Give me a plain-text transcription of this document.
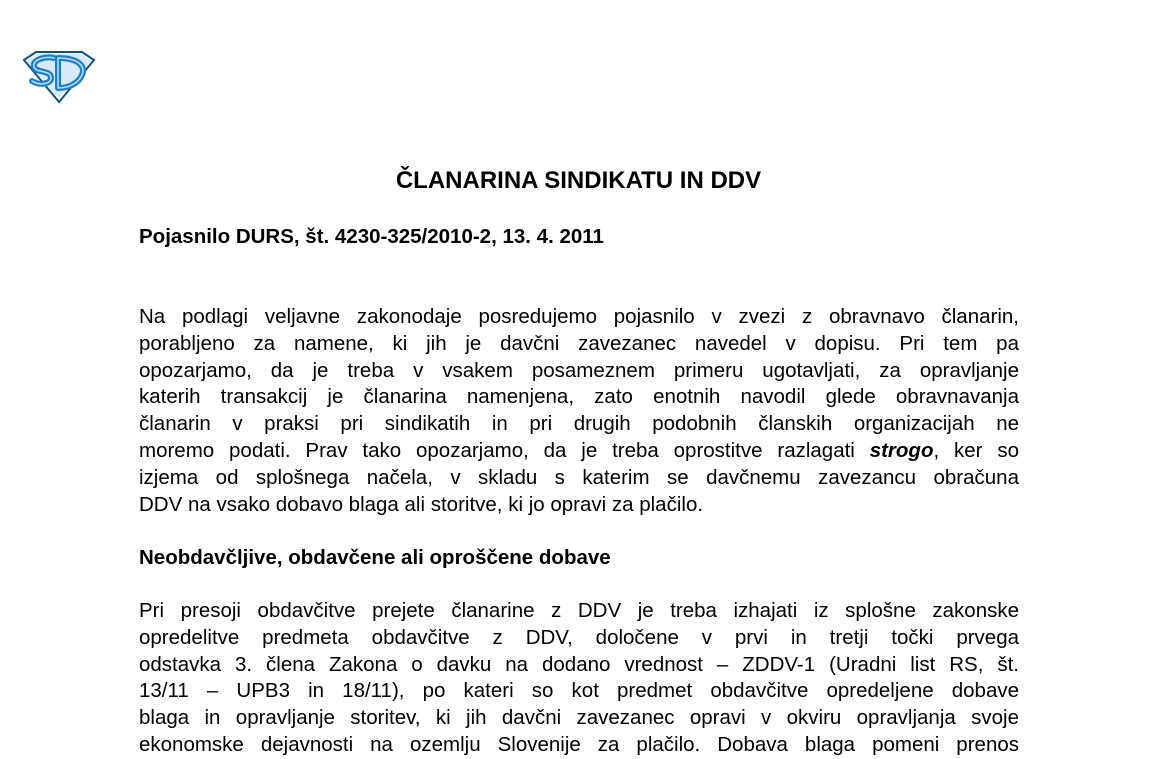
ČLANARINA SINDIKATU IN DDV
Pojasnilo DURS, št. 4230-325/2010-2, 13. 4. 2011
Na podlagi veljavne zakonodaje posredujemo pojasnilo v zvezi z obravnavo članarin,
porabljeno za namene, ki jih je davčni zavezanec navedel v dopisu. Pri tem pa
opozarjamo, da je treba v vsakem posameznem primeru ugotavljati, za opravljanje
katerih transakcij je članarina namenjena, zato enotnih navodil glede obravnavanja
članarin v praksi pri sindikatih in pri drugih podobnih članskih organizacijah ne
moremo podati. Prav tako opozarjamo, da je treba oprostitve razlagati strogo, ker so
izjema od splošnega načela, v skladu s katerim se davčnemu zavezancu obračuna
DDV na vsako dobavo blaga ali storitve, ki jo opravi za plačilo.
Neobdavčljive, obdavčene ali oproščene dobave
Pri presoji obdavčitve prejete članarine z DDV je treba izhajati iz splošne zakonske
opredelitve predmeta obdavčitve z DDV, določene v prvi in tretji točki prvega
odstavka 3. člena Zakona o davku na dodano vrednost – ZDDV-1 (Uradni list RS, št.
13/11 – UPB3 in 18/11), po kateri so kot predmet obdavčitve opredeljene dobave
blaga in opravljanje storitev, ki jih davčni zavezanec opravi v okviru opravljanja svoje
ekonomske dejavnosti na ozemlju Slovenije za plačilo. Dobava blaga pomeni prenos
